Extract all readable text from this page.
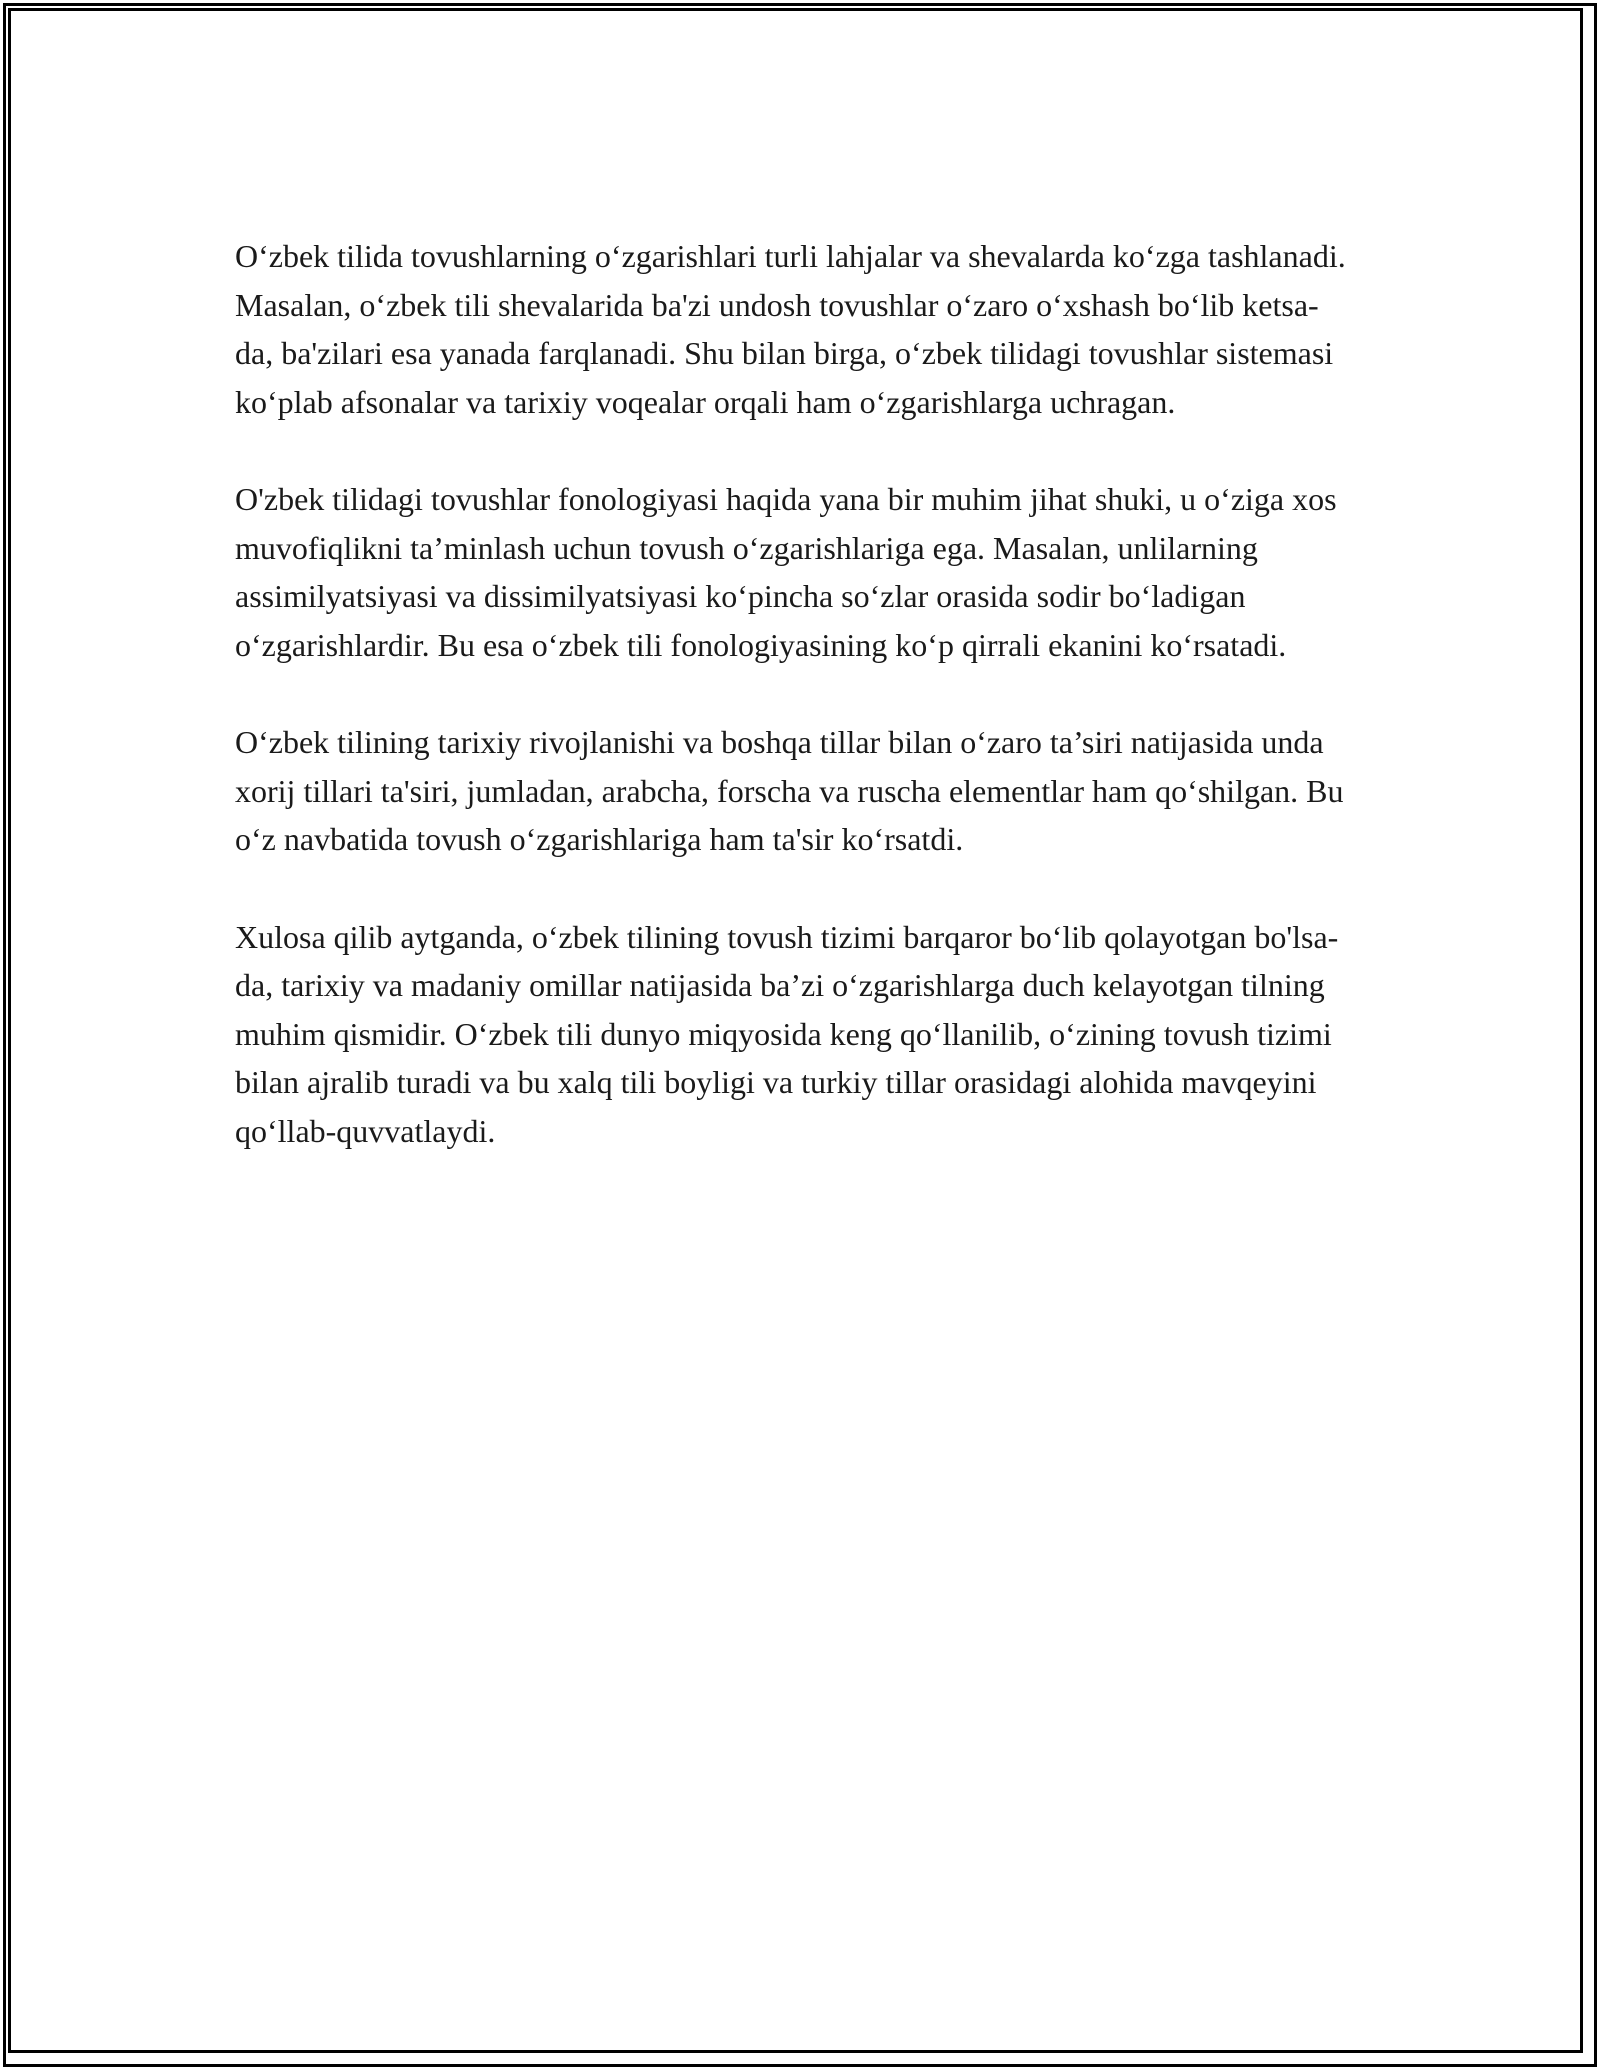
O‘zbek tilida tovushlarning o‘zgarishlari turli lahjalar va shevalarda ko‘zga tashlanadi. Masalan, o‘zbek tili shevalarida ba'zi undosh tovushlar o‘zaro o‘xshash bo‘lib ketsa-da, ba'zilari esa yanada farqlanadi. Shu bilan birga, o‘zbek tilidagi tovushlar sistemasi ko‘plab afsonalar va tarixiy voqealar orqali ham o‘zgarishlarga uchragan.

O'zbek tilidagi tovushlar fonologiyasi haqida yana bir muhim jihat shuki, u o‘ziga xos muvofiqlikni ta’minlash uchun tovush o‘zgarishlariga ega. Masalan, unlilarning assimilyatsiyasi va dissimilyatsiyasi ko‘pincha so‘zlar orasida sodir bo‘ladigan o‘zgarishlardir. Bu esa o‘zbek tili fonologiyasining ko‘p qirrali ekanini ko‘rsatadi.

O‘zbek tilining tarixiy rivojlanishi va boshqa tillar bilan o‘zaro ta’siri natijasida unda xorij tillari ta'siri, jumladan, arabcha, forscha va ruscha elementlar ham qo‘shilgan. Bu o‘z navbatida tovush o‘zgarishlariga ham ta'sir ko‘rsatdi.

Xulosa qilib aytganda, o‘zbek tilining tovush tizimi barqaror bo‘lib qolayotgan bo'lsa-da, tarixiy va madaniy omillar natijasida ba’zi o‘zgarishlarga duch kelayotgan tilning muhim qismidir. O‘zbek tili dunyo miqyosida keng qo‘llanilib, o‘zining tovush tizimi bilan ajralib turadi va bu xalq tili boyligi va turkiy tillar orasidagi alohida mavqeyini qo‘llab-quvvatlaydi.
